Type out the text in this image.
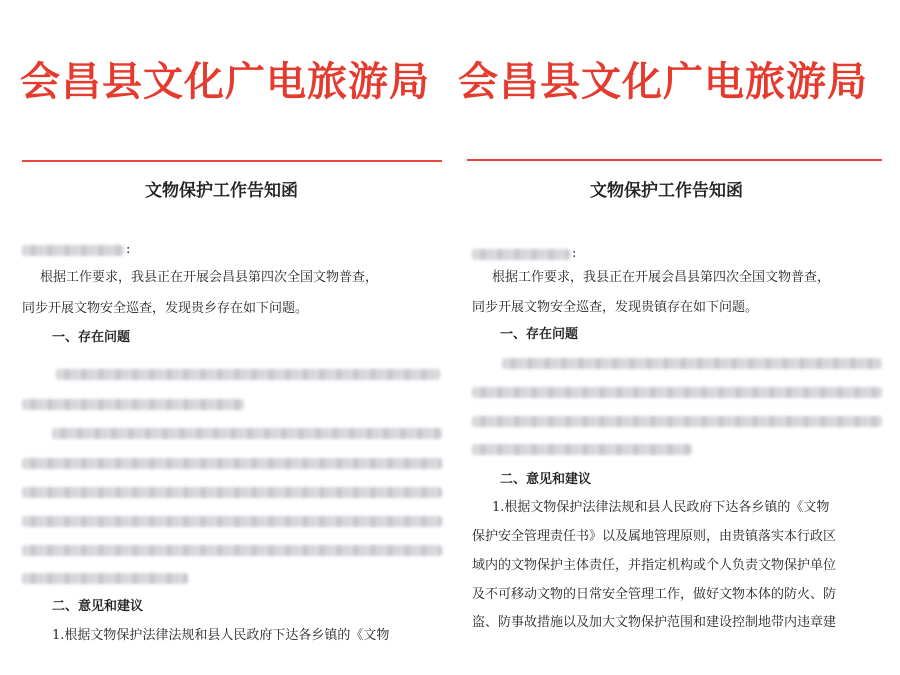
会昌县文化广电旅游局
文物保护工作告知函
:
根据工作要求，我县正在开展会昌县第四次全国文物普查，
同步开展文物安全巡查，发现贵乡存在如下问题。
一、存在问题
二、意见和建议
1.根据文物保护法律法规和县人民政府下达各乡镇的《文物
会昌县文化广电旅游局
文物保护工作告知函
:
根据工作要求，我县正在开展会昌县第四次全国文物普查，
同步开展文物安全巡查，发现贵镇存在如下问题。
一、存在问题
二、意见和建议
1.根据文物保护法律法规和县人民政府下达各乡镇的《文物
保护安全管理责任书》以及属地管理原则，由贵镇落实本行政区
域内的文物保护主体责任，并指定机构或个人负责文物保护单位
及不可移动文物的日常安全管理工作，做好文物本体的防火、防
盗、防事故措施以及加大文物保护范围和建设控制地带内违章建
